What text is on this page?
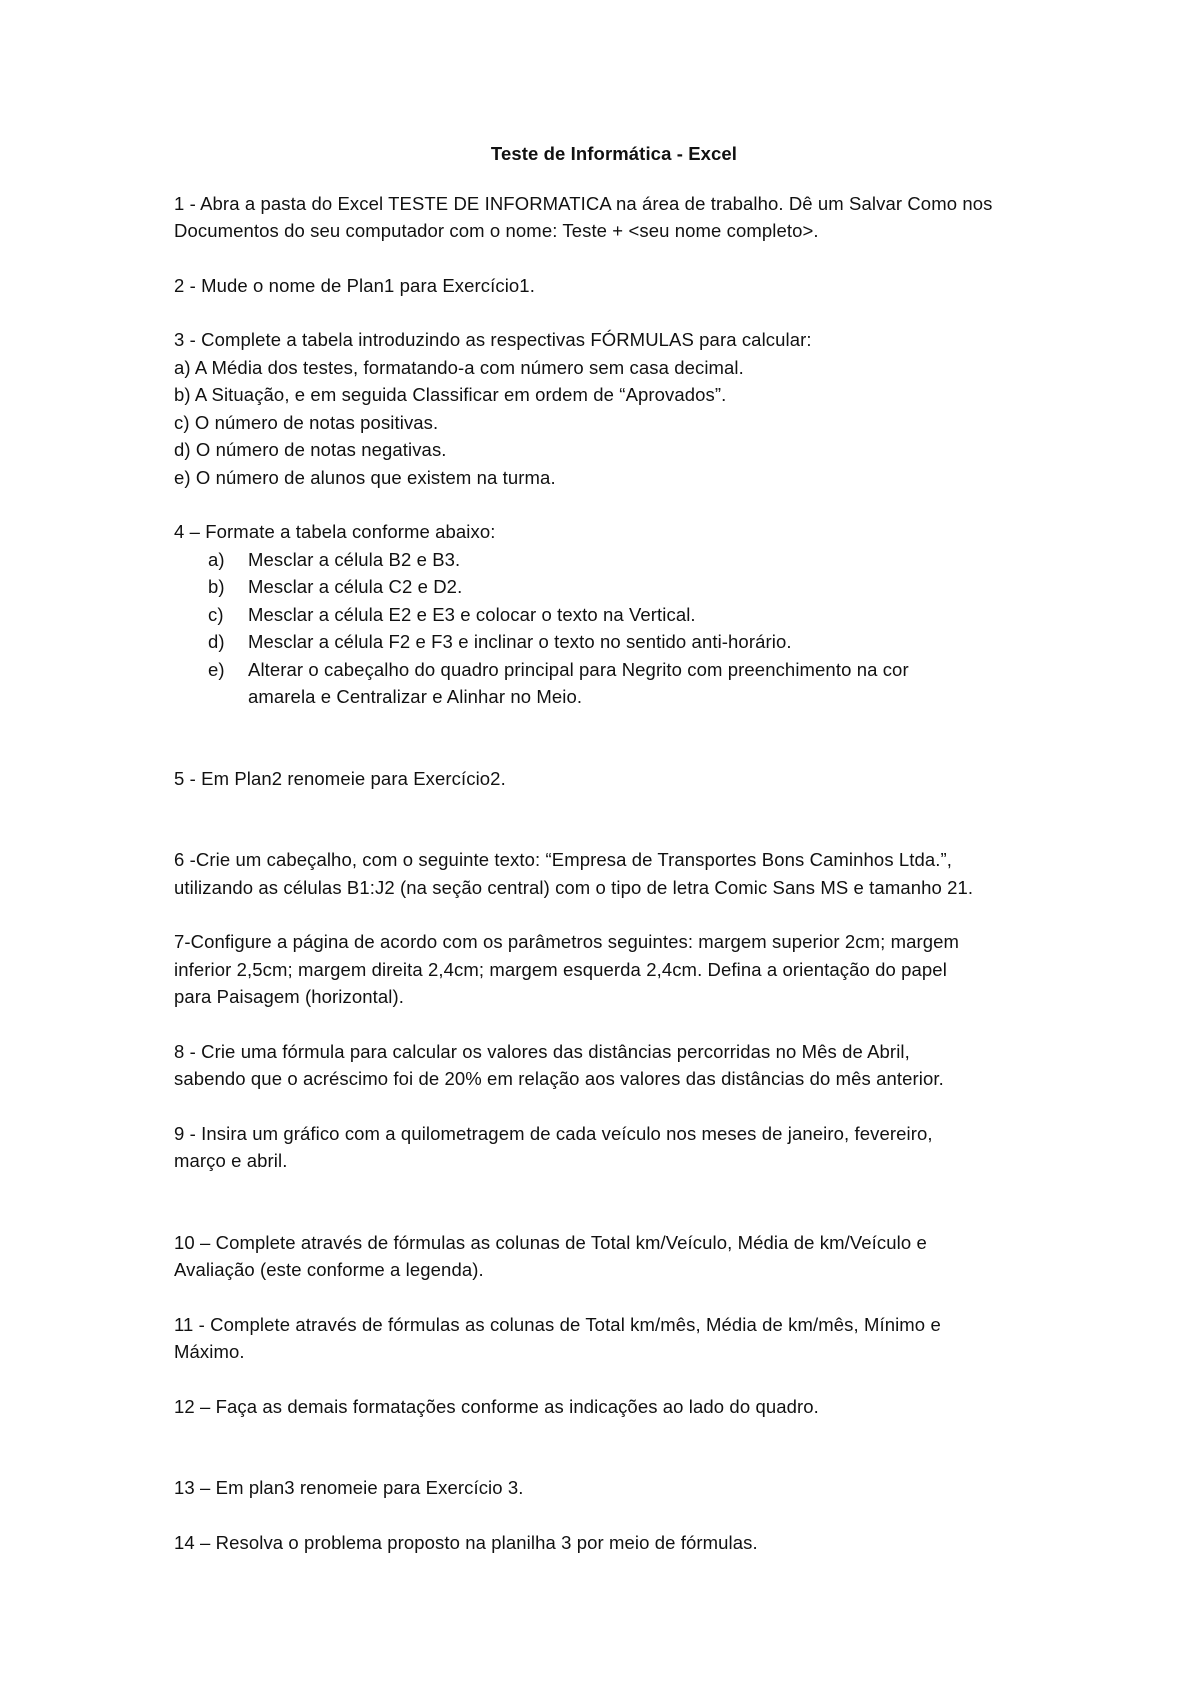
Teste de Informática - Excel

1 - Abra a pasta do Excel TESTE DE INFORMATICA na área de trabalho. Dê um Salvar Como nos
Documentos do seu computador com o nome: Teste + <seu nome completo>.

2 - Mude o nome de Plan1 para Exercício1.

3 - Complete a tabela introduzindo as respectivas FÓRMULAS para calcular:
a) A Média dos testes, formatando-a com número sem casa decimal.
b) A Situação, e em seguida Classificar em ordem de “Aprovados”.
c) O número de notas positivas.
d) O número de notas negativas.
e) O número de alunos que existem na turma.

4 – Formate a tabela conforme abaixo:
a) Mesclar a célula B2 e B3.
b) Mesclar a célula C2 e D2.
c) Mesclar a célula E2 e E3 e colocar o texto na Vertical.
d) Mesclar a célula F2 e F3 e inclinar o texto no sentido anti-horário.
e) Alterar o cabeçalho do quadro principal para Negrito com preenchimento na cor
amarela e Centralizar e Alinhar no Meio.

5 - Em Plan2 renomeie para Exercício2.

6 -Crie um cabeçalho, com o seguinte texto: “Empresa de Transportes Bons Caminhos Ltda.”,
utilizando as células B1:J2 (na seção central) com o tipo de letra Comic Sans MS e tamanho 21.

7-Configure a página de acordo com os parâmetros seguintes: margem superior 2cm; margem
inferior 2,5cm; margem direita 2,4cm; margem esquerda 2,4cm. Defina a orientação do papel
para Paisagem (horizontal).

8 - Crie uma fórmula para calcular os valores das distâncias percorridas no Mês de Abril,
sabendo que o acréscimo foi de 20% em relação aos valores das distâncias do mês anterior.

9 - Insira um gráfico com a quilometragem de cada veículo nos meses de janeiro, fevereiro,
março e abril.

10 – Complete através de fórmulas as colunas de Total km/Veículo, Média de km/Veículo e
Avaliação (este conforme a legenda).

11 - Complete através de fórmulas as colunas de Total km/mês, Média de km/mês, Mínimo e
Máximo.

12 – Faça as demais formatações conforme as indicações ao lado do quadro.

13 – Em plan3 renomeie para Exercício 3.

14 – Resolva o problema proposto na planilha 3 por meio de fórmulas.
